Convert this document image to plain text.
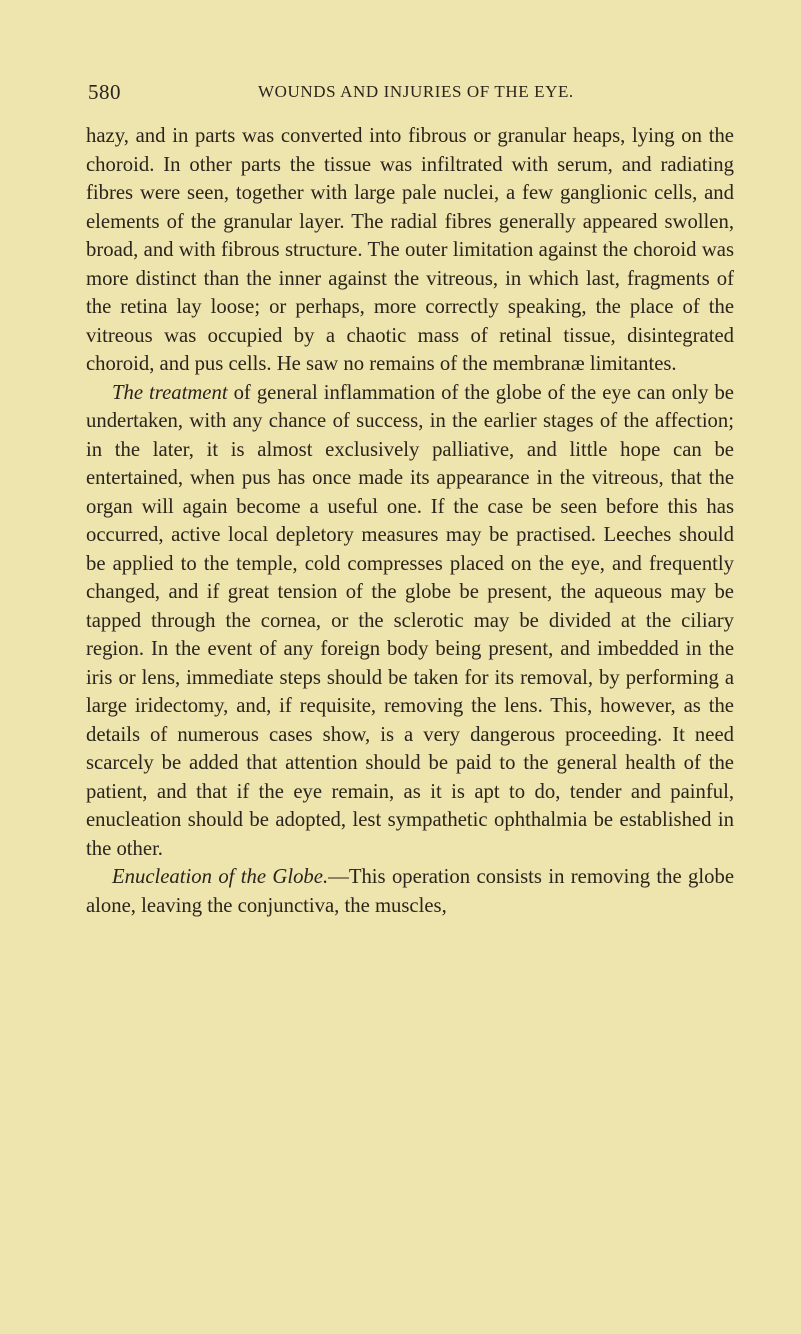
580	WOUNDS AND INJURIES OF THE EYE.

hazy, and in parts was converted into fibrous or granular heaps, lying on the choroid. In other parts the tissue was infiltrated with serum, and radiating fibres were seen, together with large pale nuclei, a few ganglionic cells, and elements of the granular layer. The radial fibres generally appeared swollen, broad, and with fibrous structure. The outer limitation against the choroid was more distinct than the inner against the vitreous, in which last, fragments of the retina lay loose; or perhaps, more correctly speaking, the place of the vitreous was occupied by a chaotic mass of retinal tissue, disintegrated choroid, and pus cells. He saw no remains of the membranæ limitantes.

The treatment of general inflammation of the globe of the eye can only be undertaken, with any chance of success, in the earlier stages of the affection; in the later, it is almost exclusively palliative, and little hope can be entertained, when pus has once made its appearance in the vitreous, that the organ will again become a useful one. If the case be seen before this has occurred, active local depletory measures may be practised. Leeches should be applied to the temple, cold compresses placed on the eye, and frequently changed, and if great tension of the globe be present, the aqueous may be tapped through the cornea, or the sclerotic may be divided at the ciliary region. In the event of any foreign body being present, and imbedded in the iris or lens, immediate steps should be taken for its removal, by performing a large iridectomy, and, if requisite, removing the lens. This, however, as the details of numerous cases show, is a very dangerous proceeding. It need scarcely be added that attention should be paid to the general health of the patient, and that if the eye remain, as it is apt to do, tender and painful, enucleation should be adopted, lest sympathetic ophthalmia be established in the other.

Enucleation of the Globe.—This operation consists in removing the globe alone, leaving the conjunctiva, the muscles,
